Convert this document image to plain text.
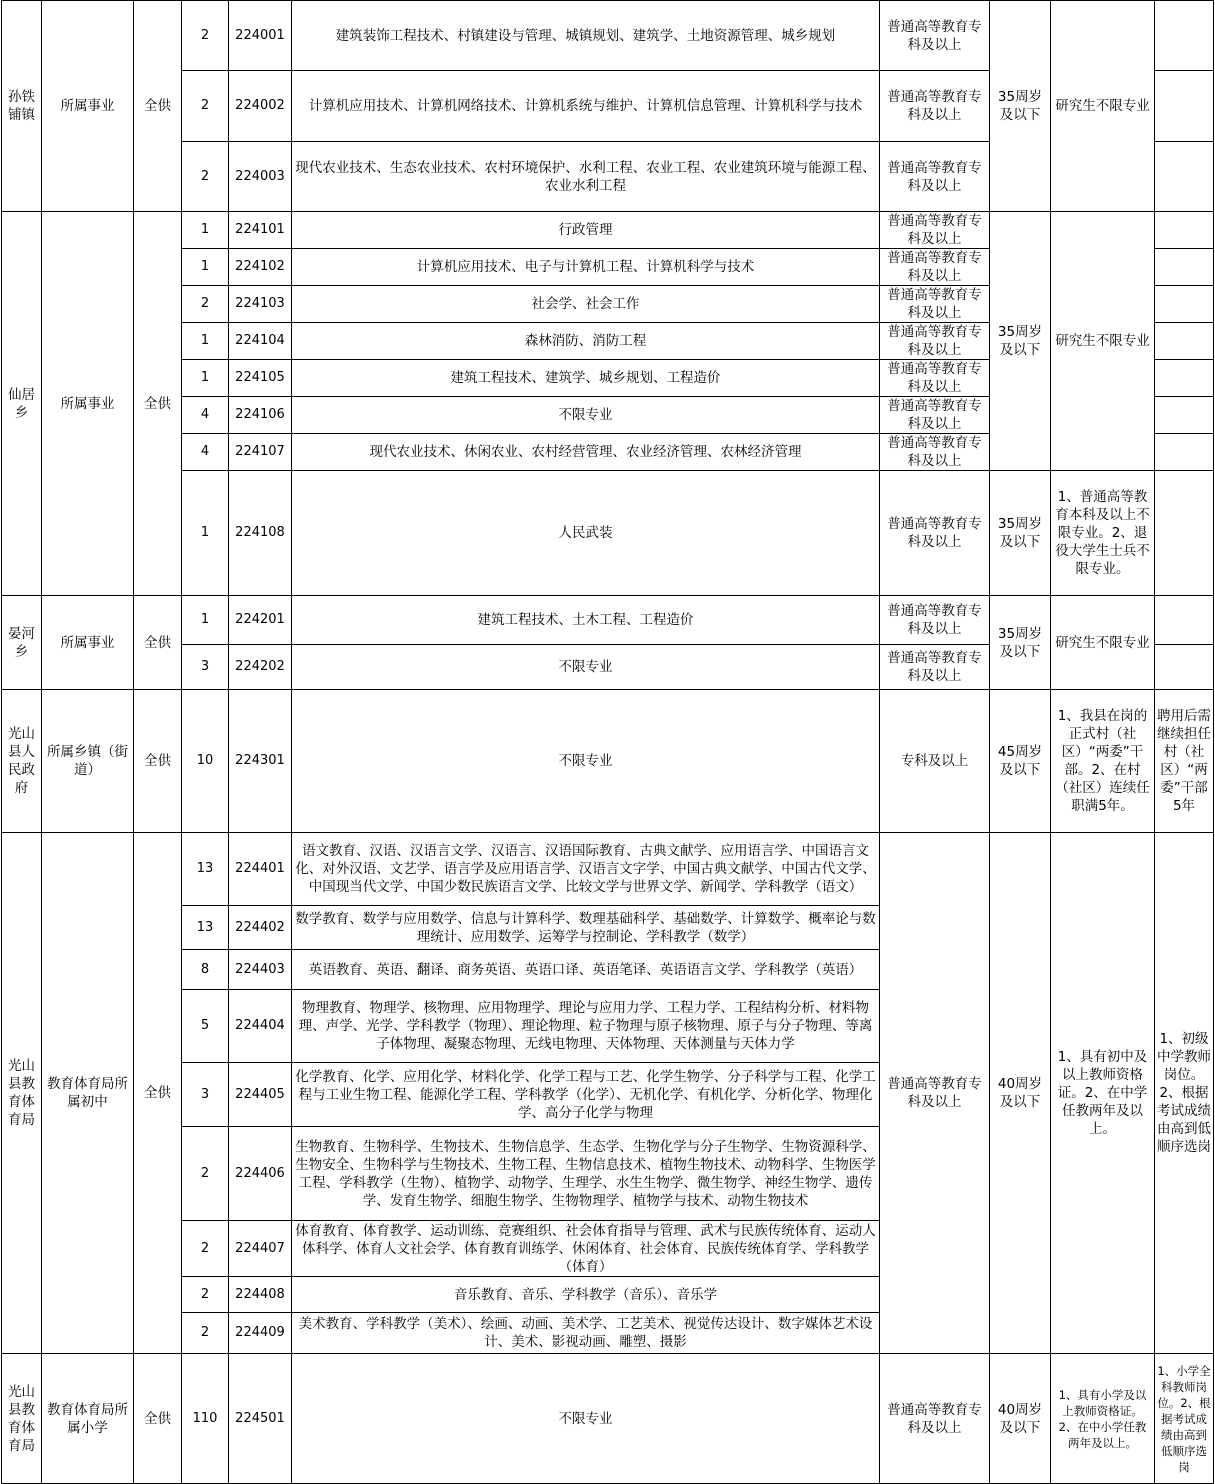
孙铁铺镇	所属事业	全供	2	224001	建筑装饰工程技术、村镇建设与管理、城镇规划、建筑学、土地资源管理、城乡规划	普通高等教育专科及以上	35周岁及以下	研究生不限专业	
			2	224002	计算机应用技术、计算机网络技术、计算机系统与维护、计算机信息管理、计算机科学与技术	普通高等教育专科及以上			
			2	224003	现代农业技术、生态农业技术、农村环境保护、水利工程、农业工程、农业建筑环境与能源工程、农业水利工程	普通高等教育专科及以上			
仙居乡	所属事业	全供	1	224101	行政管理	普通高等教育专科及以上	35周岁及以下	研究生不限专业	
			1	224102	计算机应用技术、电子与计算机工程、计算机科学与技术	普通高等教育专科及以上			
			2	224103	社会学、社会工作	普通高等教育专科及以上			
			1	224104	森林消防、消防工程	普通高等教育专科及以上			
			1	224105	建筑工程技术、建筑学、城乡规划、工程造价	普通高等教育专科及以上			
			4	224106	不限专业	普通高等教育专科及以上			
			4	224107	现代农业技术、休闲农业、农村经营管理、农业经济管理、农林经济管理	普通高等教育专科及以上			
			1	224108	人民武装	普通高等教育专科及以上	35周岁及以下	1、普通高等教育本科及以上不限专业。2、退役大学生士兵不限专业。	
晏河乡	所属事业	全供	1	224201	建筑工程技术、土木工程、工程造价	普通高等教育专科及以上	35周岁及以下	研究生不限专业	
			3	224202	不限专业	普通高等教育专科及以上			
光山县人民政府	所属乡镇（街道）	全供	10	224301	不限专业	专科及以上	45周岁及以下	1、我县在岗的正式村（社区）“两委”干部。2、在村（社区）连续任职满5年。	聘用后需继续担任村（社区）“两委”干部5年
光山县教育体育局	教育体育局所属初中	全供	13	224401	语文教育、汉语、汉语言文学、汉语言、汉语国际教育、古典文献学、应用语言学、中国语言文化、对外汉语、文艺学、语言学及应用语言学、汉语言文字学、中国古典文献学、中国古代文学、中国现当代文学、中国少数民族语言文学、比较文学与世界文学、新闻学、学科教学（语文）	普通高等教育专科及以上	40周岁及以下	1、具有初中及以上教师资格证。2、在中学任教两年及以上。	1、初级中学教师岗位。2、根据考试成绩由高到低顺序选岗
			13	224402	数学教育、数学与应用数学、信息与计算科学、数理基础科学、基础数学、计算数学、概率论与数理统计、应用数学、运筹学与控制论、学科教学（数学）				
			8	224403	英语教育、英语、翻译、商务英语、英语口译、英语笔译、英语语言文学、学科教学（英语）				
			5	224404	物理教育、物理学、核物理、应用物理学、理论与应用力学、工程力学、工程结构分析、材料物理、声学、光学、学科教学（物理）、理论物理、粒子物理与原子核物理、原子与分子物理、等离子体物理、凝聚态物理、无线电物理、天体物理、天体测量与天体力学				
			3	224405	化学教育、化学、应用化学、材料化学、化学工程与工艺、化学生物学、分子科学与工程、化学工程与工业生物工程、能源化学工程、学科教学（化学）、无机化学、有机化学、分析化学、物理化学、高分子化学与物理				
			2	224406	生物教育、生物科学、生物技术、生物信息学、生态学、生物化学与分子生物学、生物资源科学、生物安全、生物科学与生物技术、生物工程、生物信息技术、植物生物技术、动物科学、生物医学工程、学科教学（生物）、植物学、动物学、生理学、水生生物学、微生物学、神经生物学、遗传学、发育生物学、细胞生物学、生物物理学、植物学与技术、动物生物技术				
			2	224407	体育教育、体育教学、运动训练、竞赛组织、社会体育指导与管理、武术与民族传统体育、运动人体科学、体育人文社会学、体育教育训练学、休闲体育、社会体育、民族传统体育学、学科教学（体育）				
			2	224408	音乐教育、音乐、学科教学（音乐）、音乐学				
			2	224409	美术教育、学科教学（美术）、绘画、动画、美术学、工艺美术、视觉传达设计、数字媒体艺术设计、美术、影视动画、雕塑、摄影				
光山县教育体育局	教育体育局所属小学	全供	110	224501	不限专业	普通高等教育专科及以上	40周岁及以下	1、具有小学及以上教师资格证。2、在中小学任教两年及以上。	1、小学全科教师岗位。2、根据考试成绩由高到低顺序选岗
